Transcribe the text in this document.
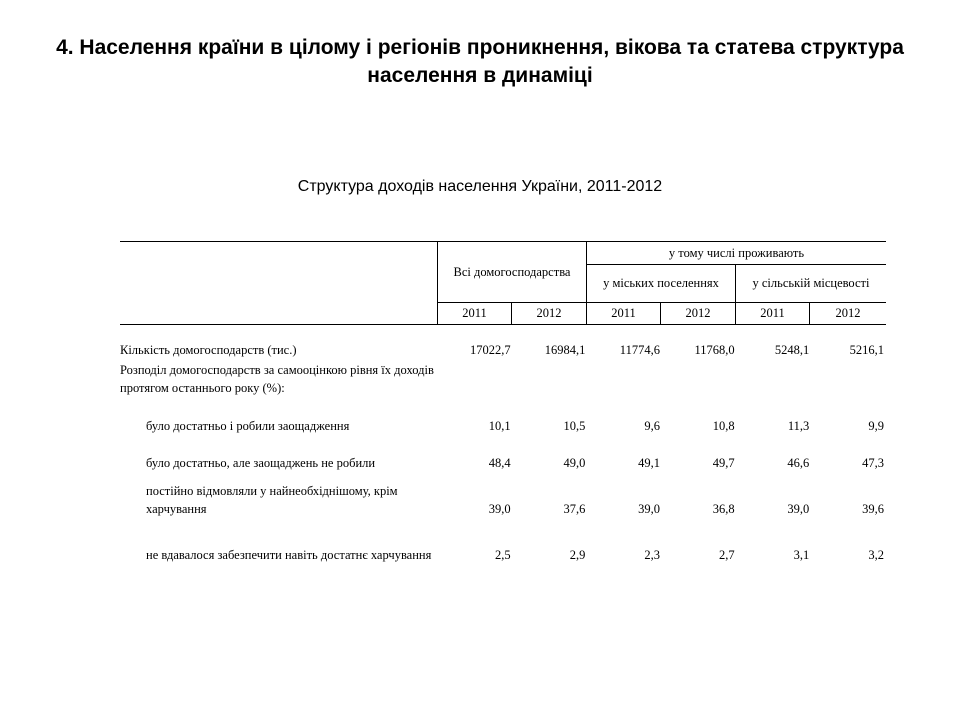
4. Населення країни в цілому і регіонів проникнення, вікова та статева структура населення в динаміці

Структура доходів населення України, 2011-2012

Всі домогосподарства
у тому числі проживають
у міських поселеннях	у сільській місцевості
2011	2012	2011	2012	2011	2012
Кількість домогосподарств (тис.)	17022,7	16984,1	11774,6	11768,0	5248,1	5216,1
Розподіл домогосподарств за самооцінкою рівня їх доходів протягом останнього року (%):
було достатньо і робили заощадження	10,1	10,5	9,6	10,8	11,3	9,9
було достатньо, але заощаджень не робили	48,4	49,0	49,1	49,7	46,6	47,3
постійно відмовляли у найнеобхіднішому, крім харчування	39,0	37,6	39,0	36,8	39,0	39,6
не вдавалося забезпечити навіть достатнє харчування	2,5	2,9	2,3	2,7	3,1	3,2
